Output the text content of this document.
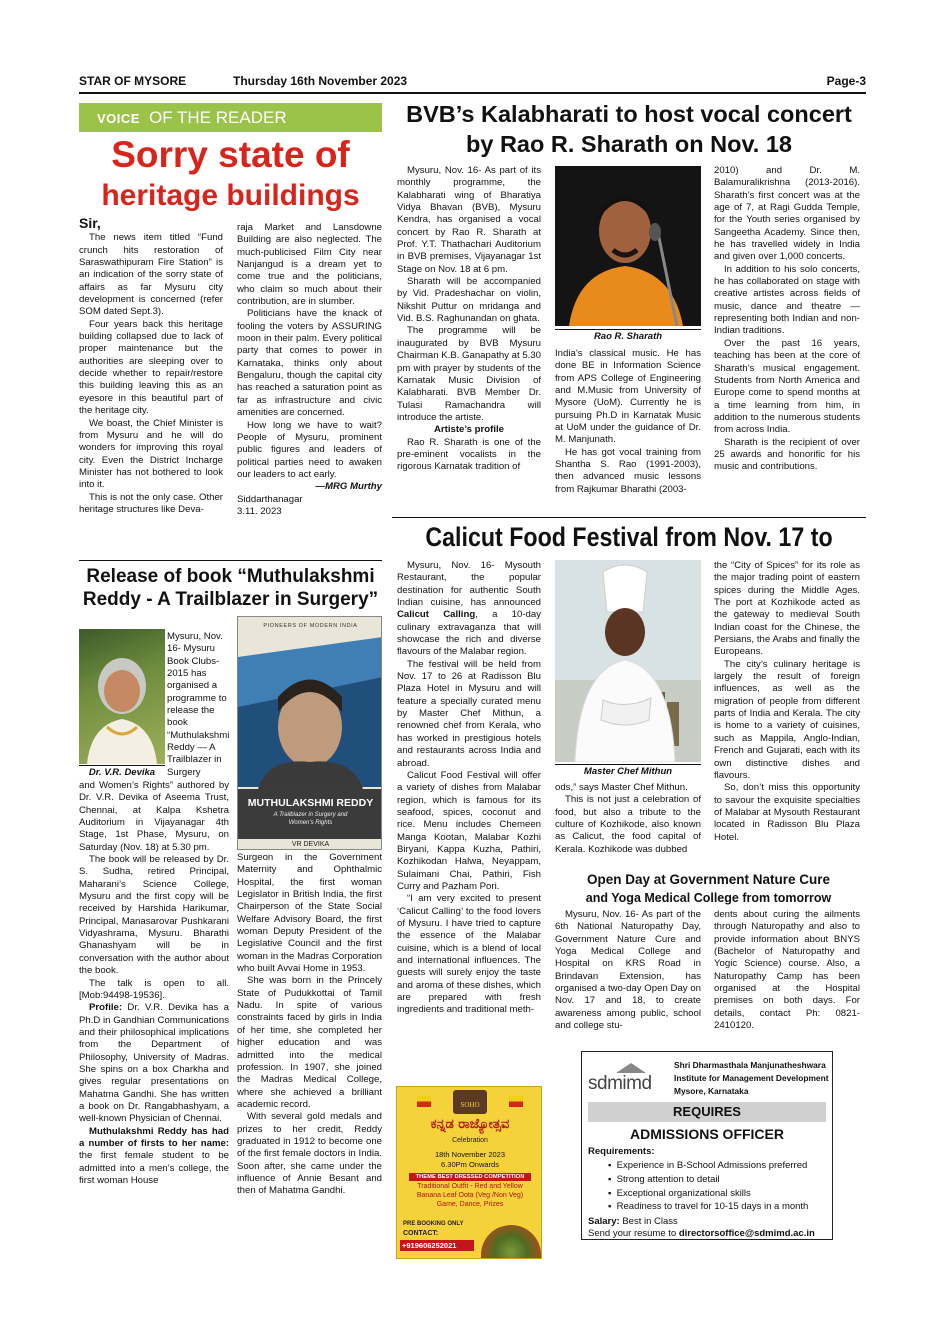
STAR OF MYSORE	Thursday 16th November 2023	Page-3
VOICE OF THE READER
Sorry state of
heritage buildings

Sir,

The news item titled “Fund crunch hits restoration of Saraswathipuram Fire Station” is an indication of the sorry state of affairs as far Mysuru city development is concerned (refer SOM dated Sept.3).

Four years back this heritage building collapsed due to lack of proper maintenance but the authorities are sleeping over to decide whether to repair/restore this building leaving this as an eyesore in this beautiful part of the heritage city.

We boast, the Chief Minister is from Mysuru and he will do wonders for improving this royal city. Even the District Incharge Minister has not bothered to look into it.

This is not the only case. Other heritage structures like Deva-

raja Market and Lansdowne Building are also neglected. The much-publicised Film City near Nanjangud is a dream yet to come true and the politicians, who claim so much about their contribution, are in slumber.

Politicians have the knack of fooling the voters by ASSURING moon in their palm. Every political party that comes to power in Karnataka, thinks only about Bengaluru, though the capital city has reached a saturation point as far as infrastructure and civic amenities are concerned.

How long we have to wait? People of Mysuru, prominent public figures and leaders of political parties need to awaken our leaders to act early.

—MRG Murthy

Siddarthanagar

3.11. 2023

Release of book “Muthulakshmi
Reddy - A Trailblazer in Surgery”
Dr. V.R. Devika

Mysuru, Nov. 16- Mysuru Book Clubs-2015 has organised a programme to release the book “Muthulakshmi Reddy — A Trailblazer in Surgery

and Women’s Rights” authored by Dr. V.R. Devika of Aseema Trust, Chennai, at Kalpa Kshetra Auditorium in Vijayanagar 4th Stage, 1st Phase, Mysuru, on Saturday (Nov. 18) at 5.30 pm.

The book will be released by Dr. S. Sudha, retired Principal, Maharani’s Science College, Mysuru and the first copy will be received by Harshida Harikumar, Principal, Manasarovar Pushkarani Vidyashrama, Mysuru. Bharathi Ghanashyam will be in conversation with the author about the book.

The talk is open to all. [Mob:94498-19536].

Profile: Dr. V.R. Devika has a Ph.D in Gandhian Communications and their philosophical implications from the Department of Philosophy, University of Madras. She spins on a box Charkha and gives regular presentations on Mahatma Gandhi. She has written a book on Dr. Rangabhashyam, a well-known Physician of Chennai.

Muthulakshmi Reddy has had a number of firsts to her name: the first female student to be admitted into a men’s college, the first woman House

PIONEERS OF MODERN INDIA
MUTHULAKSHMI REDDY
A Trailblazer in Surgery and
Women’s Rights
VR DEVIKA

Surgeon in the Government Maternity and Ophthalmic Hospital, the first woman Legislator in British India, the first Chairperson of the State Social Welfare Advisory Board, the first woman Deputy President of the Legislative Council and the first woman in the Madras Corporation who built Avvai Home in 1953.

She was born in the Princely State of Pudukkottai of Tamil Nadu. In spite of various constraints faced by girls in India of her time, she completed her higher education and was admitted into the medical profession. In 1907, she joined the Madras Medical College, where she achieved a brilliant academic record.

With several gold medals and prizes to her credit, Reddy graduated in 1912 to become one of the first female doctors in India. Soon after, she came under the influence of Annie Besant and then of Mahatma Gandhi.

BVB’s Kalabharati to host vocal concert
by Rao R. Sharath on Nov. 18

Mysuru, Nov. 16- As part of its monthly programme, the Kalabharati wing of Bharatiya Vidya Bhavan (BVB), Mysuru Kendra, has organised a vocal concert by Rao R. Sharath at Prof. Y.T. Thathachari Auditorium in BVB premises, Vijayanagar 1st Stage on Nov. 18 at 6 pm.

Sharath will be accompanied by Vid. Pradeshachar on violin, Nikshit Puttur on mridanga and Vid. B.S. Raghunandan on ghata.

The programme will be inaugurated by BVB Mysuru Chairman K.B. Ganapathy at 5.30 pm with prayer by students of the Karnatak Music Division of Kalabharati. BVB Member Dr. Tulasi Ramachandra will introduce the artiste.

Artiste’s profile

Rao R. Sharath is one of the pre-eminent vocalists in the rigorous Karnatak tradition of

Rao R. Sharath

India’s classical music. He has done BE in Information Science from APS College of Engineering and M.Music from University of Mysore (UoM). Currently he is pursuing Ph.D in Karnatak Music at UoM under the guidance of Dr. M. Manjunath.

He has got vocal training from Shantha S. Rao (1991-2003), then advanced music lessons from Rajkumar Bharathi (2003-

2010) and Dr. M. Balamuralikrishna (2013-2016). Sharath’s first concert was at the age of 7, at Ragi Gudda Temple, for the Youth series organised by Sangeetha Academy. Since then, he has travelled widely in India and given over 1,000 concerts.

In addition to his solo concerts, he has collaborated on stage with creative artistes across fields of music, dance and theatre — representing both Indian and non-Indian traditions.

Over the past 16 years, teaching has been at the core of Sharath’s musical engagement. Students from North America and Europe come to spend months at a time learning from him, in addition to the numerous students from across India.

Sharath is the recipient of over 25 awards and honorific for his music and contributions.

Calicut Food Festival from Nov. 17 to

Mysuru, Nov. 16- Mysouth Restaurant, the popular destination for authentic South Indian cuisine, has announced Calicut Calling, a 10-day culinary extravaganza that will showcase the rich and diverse flavours of the Malabar region.

The festival will be held from Nov. 17 to 26 at Radisson Blu Plaza Hotel in Mysuru and will feature a specially curated menu by Master Chef Mithun, a renowned chef from Kerala, who has worked in prestigious hotels and restaurants across India and abroad.

Calicut Food Festival will offer a variety of dishes from Malabar region, which is famous for its seafood, spices, coconut and rice. Menu includes Chemeen Manga Kootan, Malabar Kozhi Biryani, Kappa Kuzha, Pathiri, Kozhikodan Halwa, Neyappam, Sulaimani Chai, Pathiri, Fish Curry and Pazham Pori.

“I am very excited to present ‘Calicut Calling’ to the food lovers of Mysuru. I have tried to capture the essence of the Malabar cuisine, which is a blend of local and international influences. The guests will surely enjoy the taste and aroma of these dishes, which are prepared with fresh ingredients and traditional meth-

Master Chef Mithun

ods,” says Master Chef Mithun.

This is not just a celebration of food, but also a tribute to the culture of Kozhikode, also known as Calicut, the food capital of Kerala. Kozhikode was dubbed

the “City of Spices” for its role as the major trading point of eastern spices during the Middle Ages. The port at Kozhikode acted as the gateway to medieval South Indian coast for the Chinese, the Persians, the Arabs and finally the Europeans.

The city’s culinary heritage is largely the result of foreign influences, as well as the migration of people from different parts of India and Kerala. The city is home to a variety of cuisines, such as Mappila, Anglo-Indian, French and Gujarati, each with its own distinctive dishes and flavours.

So, don’t miss this opportunity to savour the exquisite specialties of Malabar at Mysouth Restaurant located in Radisson Blu Plaza Hotel.

Open Day at Government Nature Cure
and Yoga Medical College from tomorrow

Mysuru, Nov. 16- As part of the 6th National Naturopathy Day, Government Nature Cure and Yoga Medical College and Hospital on KRS Road in Brindavan Extension, has organised a two-day Open Day on Nov. 17 and 18, to create awareness among public, school and college stu-

dents about curing the ailments through Naturopathy and also to provide information about BNYS (Bachelor of Naturopathy and Yogic Science) course. Also, a Naturopathy Camp has been organised at the Hospital premises on both days. For details, contact Ph: 0821-2410120.

SOHO
ಕನ್ನಡ ರಾಜ್ಯೋತ್ಸವ
Celebration
18th November 2023
6.30Pm Onwards
THEME BEST DRESSED COMPETITION
Traditional Outfit - Red and Yellow
Banana Leaf Oota (Veg /Non Veg)
Game, Dance, Prizes
PRE BOOKING ONLY
CONTACT:
+919606252021
sdmimd
Shri Dharmasthala Manjunatheshwara
Institute for Management Development
Mysore, Karnataka
REQUIRES
ADMISSIONS OFFICER
Requirements:
▪  Experience in B-School Admissions preferred
▪  Strong attention to detail
▪  Exceptional organizational skills
▪  Readiness to travel for 10-15 days in a month
Salary: Best in Class
Send your resume to directorsoffice@sdmimd.ac.in
